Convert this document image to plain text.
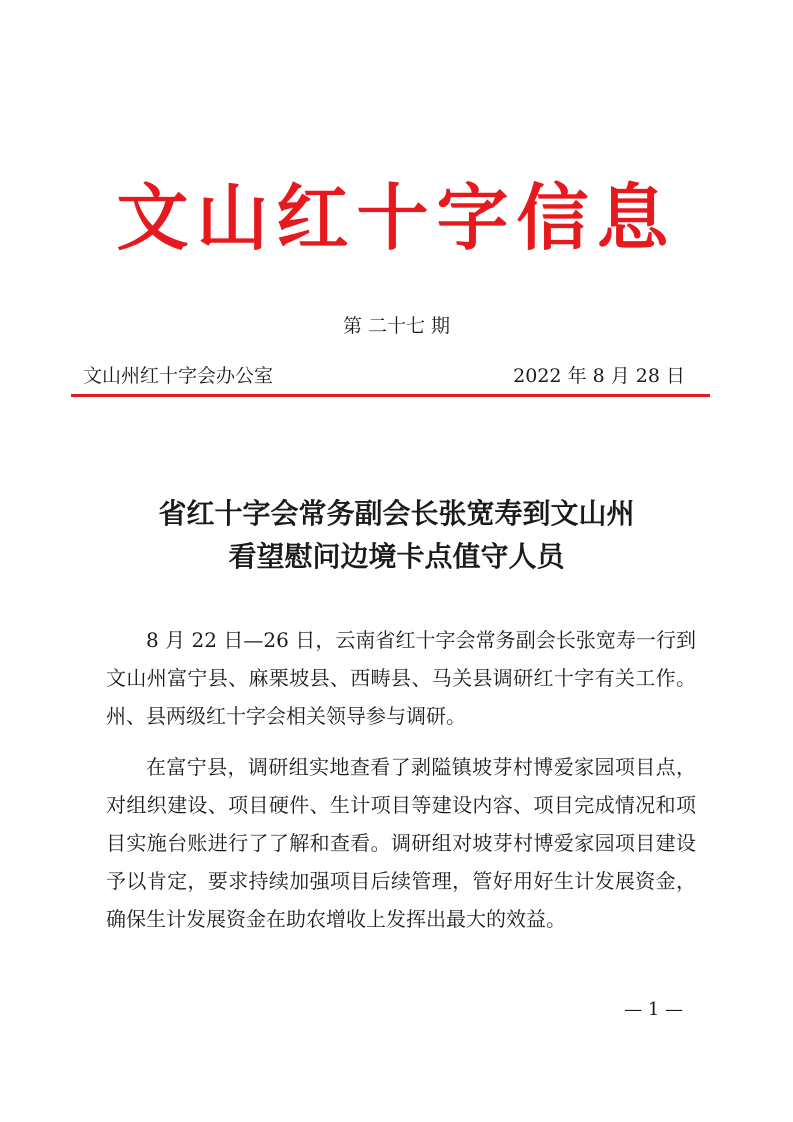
文山红十字信息
第 二十七 期
文山州红十字会办公室	2022 年 8 月 28 日
省红十字会常务副会长张宽寿到文山州
看望慰问边境卡点值守人员

8 月 22 日—26 日，云南省红十字会常务副会长张宽寿一行到文山州富宁县、麻栗坡县、西畴县、马关县调研红十字有关工作。州、县两级红十字会相关领导参与调研。

在富宁县，调研组实地查看了剥隘镇坡芽村博爱家园项目点，对组织建设、项目硬件、生计项目等建设内容、项目完成情况和项目实施台账进行了了解和查看。调研组对坡芽村博爱家园项目建设予以肯定，要求持续加强项目后续管理，管好用好生计发展资金，确保生计发展资金在助农增收上发挥出最大的效益。

— 1 —
